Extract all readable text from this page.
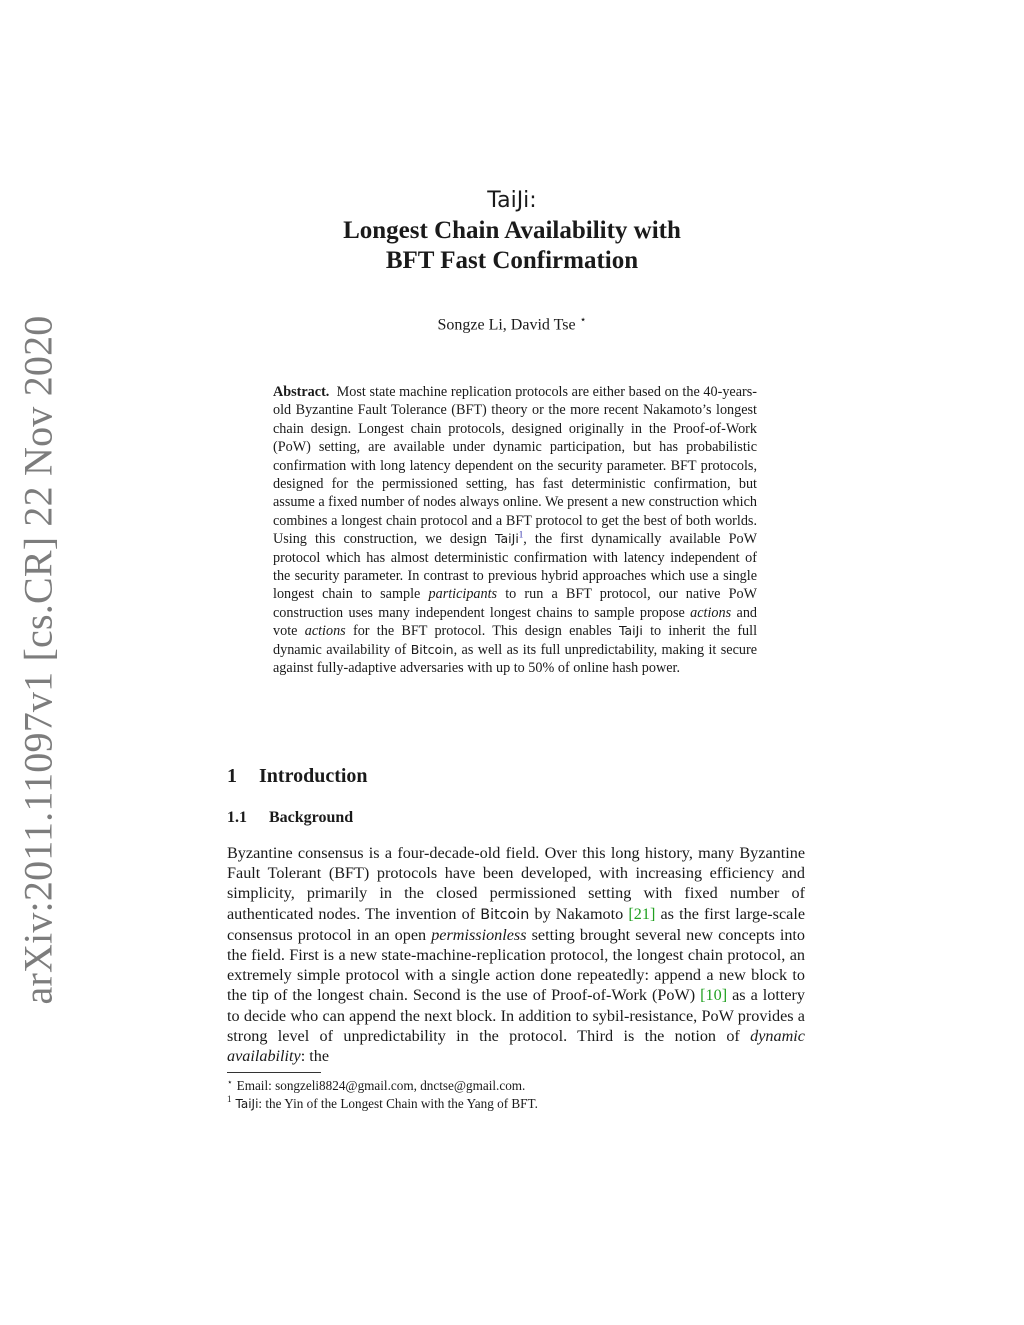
arXiv:2011.11097v1 [cs.CR] 22 Nov 2020
TaiJi:
Longest Chain Availability with
BFT Fast Confirmation
Songze Li, David Tse ⋆
Abstract. Most state machine replication protocols are either based on the 40-years-old Byzantine Fault Tolerance (BFT) theory or the more recent Nakamoto’s longest chain design. Longest chain protocols, designed originally in the Proof-of-Work (PoW) setting, are available under dynamic participation, but has probabilistic confirmation with long latency dependent on the security parameter. BFT protocols, designed for the permissioned setting, has fast deterministic confirmation, but assume a fixed number of nodes always online. We present a new construction which combines a longest chain protocol and a BFT protocol to get the best of both worlds. Using this construction, we design TaiJi$^1$, the first dynamically available PoW protocol which has almost deterministic confirmation with latency independent of the security parameter. In contrast to previous hybrid approaches which use a single longest chain to sample participants to run a BFT protocol, our native PoW construction uses many independent longest chains to sample propose actions and vote actions for the BFT protocol. This design enables TaiJi to inherit the full dynamic availability of Bitcoin, as well as its full unpredictability, making it secure against fully-adaptive adversaries with up to 50% of online hash power.
1 Introduction
1.1 Background
Byzantine consensus is a four-decade-old field. Over this long history, many Byzantine Fault Tolerant (BFT) protocols have been developed, with increasing efficiency and simplicity, primarily in the closed permissioned setting with fixed number of authenticated nodes. The invention of Bitcoin by Nakamoto [21] as the first large-scale consensus protocol in an open permissionless setting brought several new concepts into the field. First is a new state-machine-replication protocol, the longest chain protocol, an extremely simple protocol with a single action done repeatedly: append a new block to the tip of the longest chain. Second is the use of Proof-of-Work (PoW) [10] as a lottery to decide who can append the next block. In addition to sybil-resistance, PoW provides a strong level of unpredictability in the protocol. Third is the notion of dynamic availability: the
⋆ Email: songzeli8824@gmail.com, dnctse@gmail.com.
$^1$ TaiJi: the Yin of the Longest Chain with the Yang of BFT.
